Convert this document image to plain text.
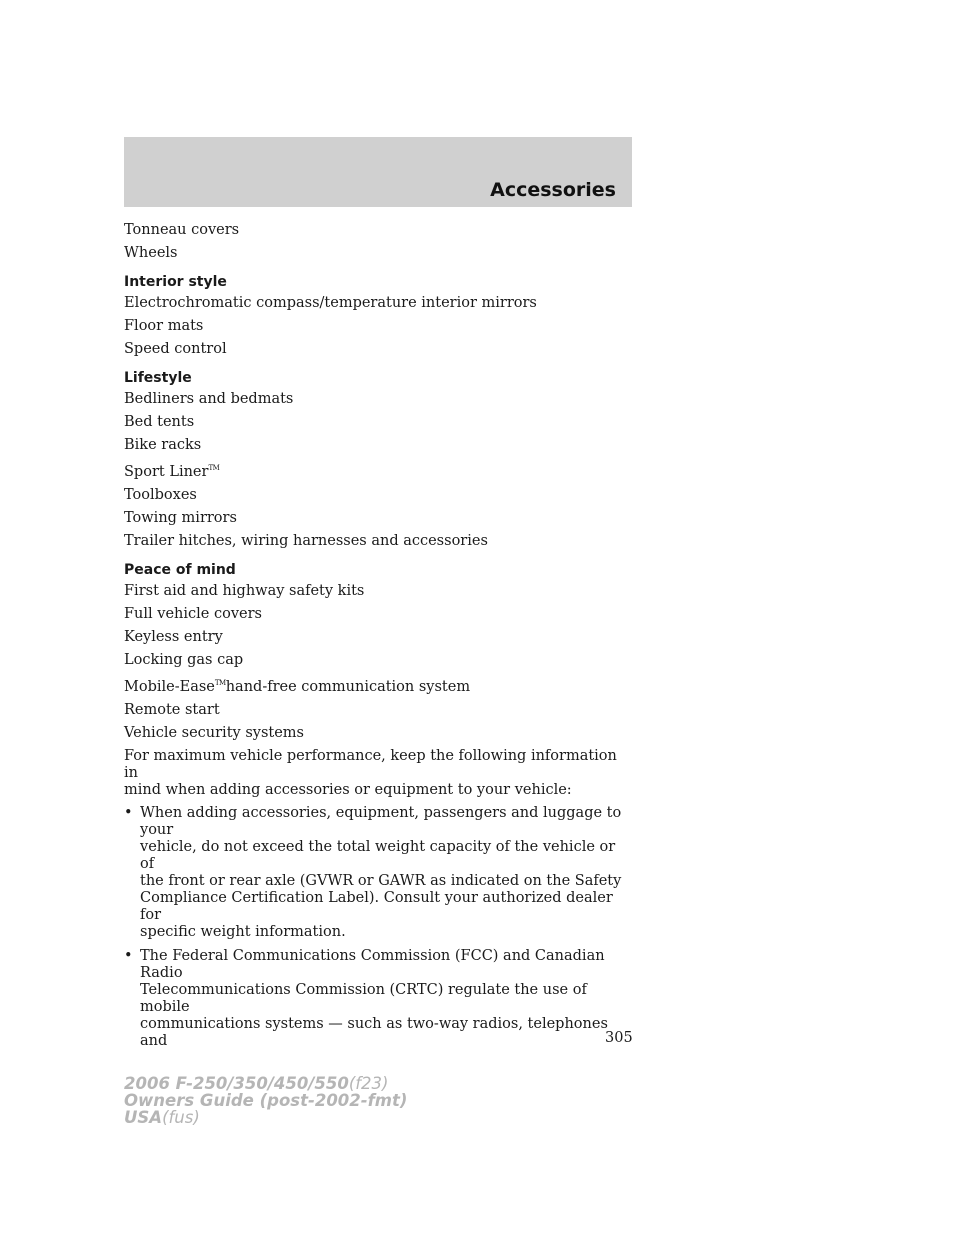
Accessories
Tonneau covers
Wheels
Interior style
Electrochromatic compass/temperature interior mirrors
Floor mats
Speed control
Lifestyle
Bedliners and bedmats
Bed tents
Bike racks
Sport Liner™
Toolboxes
Towing mirrors
Trailer hitches, wiring harnesses and accessories
Peace of mind
First aid and highway safety kits
Full vehicle covers
Keyless entry
Locking gas cap
Mobile-Ease™hand-free communication system
Remote start
Vehicle security systems
For maximum vehicle performance, keep the following information in
mind when adding accessories or equipment to your vehicle:
• When adding accessories, equipment, passengers and luggage to your
vehicle, do not exceed the total weight capacity of the vehicle or of
the front or rear axle (GVWR or GAWR as indicated on the Safety
Compliance Certification Label). Consult your authorized dealer for
specific weight information.
• The Federal Communications Commission (FCC) and Canadian Radio
Telecommunications Commission (CRTC) regulate the use of mobile
communications systems — such as two-way radios, telephones and	305
2006 F-250/350/450/550(f23)
Owners Guide (post-2002-fmt)
USA(fus)
